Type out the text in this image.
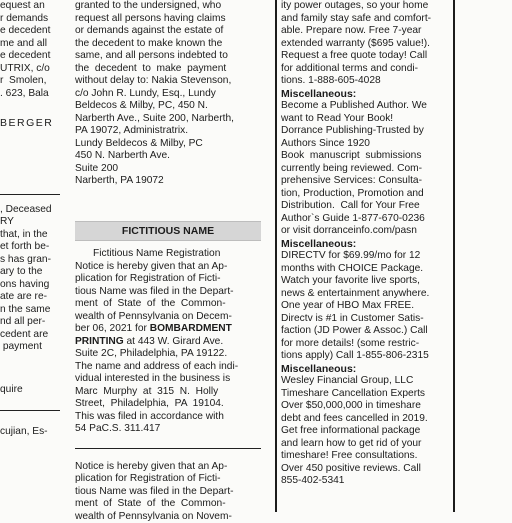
equest an

r demands

e decedent

me and all

e decedent

UTRIX, c/o

r  Smolen,

. 623, Bala

BERGER

, Deceased

RY

that, in the

et forth be-

s has gran-

ary to the

ons having

ate are re-

n the same

nd all per-

cedent are

payment

quire

cujian, Es-

granted to the undersigned, who

request all persons having claims

or demands against the estate of

the decedent to make known the

same, and all persons indebted to

the  decedent  to  make  payment

without delay to: Nakia Stevenson,

c/o John R. Lundy, Esq., Lundy

Beldecos & Milby, PC, 450 N.

Narberth Ave., Suite 200, Narberth,

PA 19072, Administratrix.

Lundy Beldecos & Milby, PC

450 N. Narberth Ave.

Suite 200

Narberth, PA 19072

FICTITIOUS NAME

Fictitious Name Registration

Notice is hereby given that an Ap-

plication for Registration of Ficti-

tious Name was filed in the Depart-

ment  of  State  of  the  Common-

wealth of Pennsylvania on Decem-

ber 06, 2021 for BOMBARDMENT

PRINTING at 443 W. Girard Ave.

Suite 2C, Philadelphia, PA 19122.

The name and address of each indi-

vidual interested in the business is

Marc  Murphy  at  315  N.  Holly

Street,  Philadelphia,  PA  19104.

This was filed in accordance with

54 PaC.S. 311.417

Notice is hereby given that an Ap-

plication for Registration of Ficti-

tious Name was filed in the Depart-

ment  of  State  of  the  Common-

wealth of Pennsylvania on Novem-

ity power outages, so your home

and family stay safe and comfort-

able. Prepare now. Free 7-year

extended warranty ($695 value!).

Request a free quote today! Call

for additional terms and condi-

tions. 1-888-605-4028

Miscellaneous:

Become a Published Author. We

want to Read Your Book!

Dorrance Publishing-Trusted by

Authors Since 1920

Book  manuscript  submissions

currently being reviewed. Com-

prehensive Services: Consulta-

tion, Production, Promotion and

Distribution.  Call for Your Free

Author`s Guide 1-877-670-0236

or visit dorranceinfo.com/pasn

Miscellaneous:

DIRECTV for $69.99/mo for 12

months with CHOICE Package.

Watch your favorite live sports,

news & entertainment anywhere.

One year of HBO Max FREE.

Directv is #1 in Customer Satis-

faction (JD Power & Assoc.) Call

for more details! (some restric-

tions apply) Call 1-855-806-2315

Miscellaneous:

Wesley Financial Group, LLC

Timeshare Cancellation Experts

Over $50,000,000 in timeshare

debt and fees cancelled in 2019.

Get free informational package

and learn how to get rid of your

timeshare! Free consultations.

Over 450 positive reviews. Call

855-402-5341
